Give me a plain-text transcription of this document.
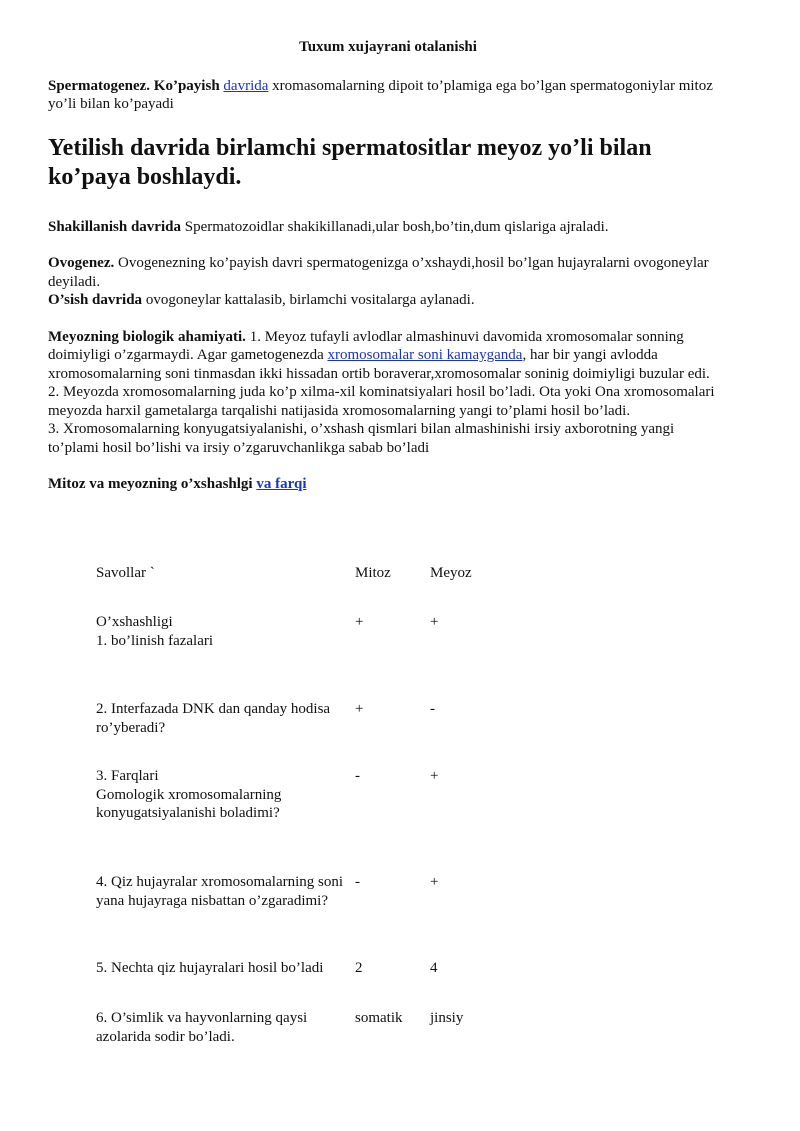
Tuxum xujayrani otalanishi

Spermatogenez. Ko’payish davrida xromasomalarning dipoit to’plamiga ega bo’lgan spermatogoniylar mitoz yo’li bilan ko’payadi

Yetilish davrida birlamchi spermatositlar meyoz yo’li bilan ko’paya boshlaydi.

Shakillanish davrida Spermatozoidlar shakikillanadi,ular bosh,bo’tin,dum qislariga ajraladi.

Ovogenez. Ovogenezning ko’payish davri spermatogenizga o’xshaydi,hosil bo’lgan hujayralarni ovogoneylar
deyiladi.

O’sish davrida ovogoneylar kattalasib, birlamchi vositalarga aylanadi.

Meyozning biologik ahamiyati. 1. Meyoz tufayli avlodlar almashinuvi davomida xromosomalar sonning doimiyligi o’zgarmaydi. Agar gametogenezda xromosomalar soni kamayganda, har bir yangi avlodda xromosomalarning soni tinmasdan ikki hissadan ortib boraverar,xromosomalar soninig doimiyligi buzular edi.

2. Meyozda xromosomalarning juda ko’p xilma-xil kominatsiyalari hosil bo’ladi. Ota yoki Ona xromosomalari meyozda harxil gametalarga tarqalishi natijasida xromosomalarning yangi to’plami hosil bo’ladi.

3. Xromosomalarning konyugatsiyalanishi, o’xshash qismlari bilan almashinishi irsiy axborotning yangi to’plami hosil bo’lishi va irsiy o’zgaruvchanlikga sabab bo’ladi

Mitoz va meyozning o’xshashlgi va farqi

Savollar `	Mitoz	Meyoz
O’xshashligi
1. bo’linish fazalari	+	+
2. Interfazada DNK dan qanday hodisa ro’yberadi?	+	-
3. Farqlari
Gomologik xromosomalarning konyugatsiyalanishi boladimi?	-	+
4. Qiz hujayralar xromosomalarning soni yana hujayraga nisbattan o’zgaradimi?	-	+
5. Nechta qiz hujayralari hosil bo’ladi	2	4
6. O’simlik va hayvonlarning qaysi azolarida sodir bo’ladi.	somatik	jinsiy
